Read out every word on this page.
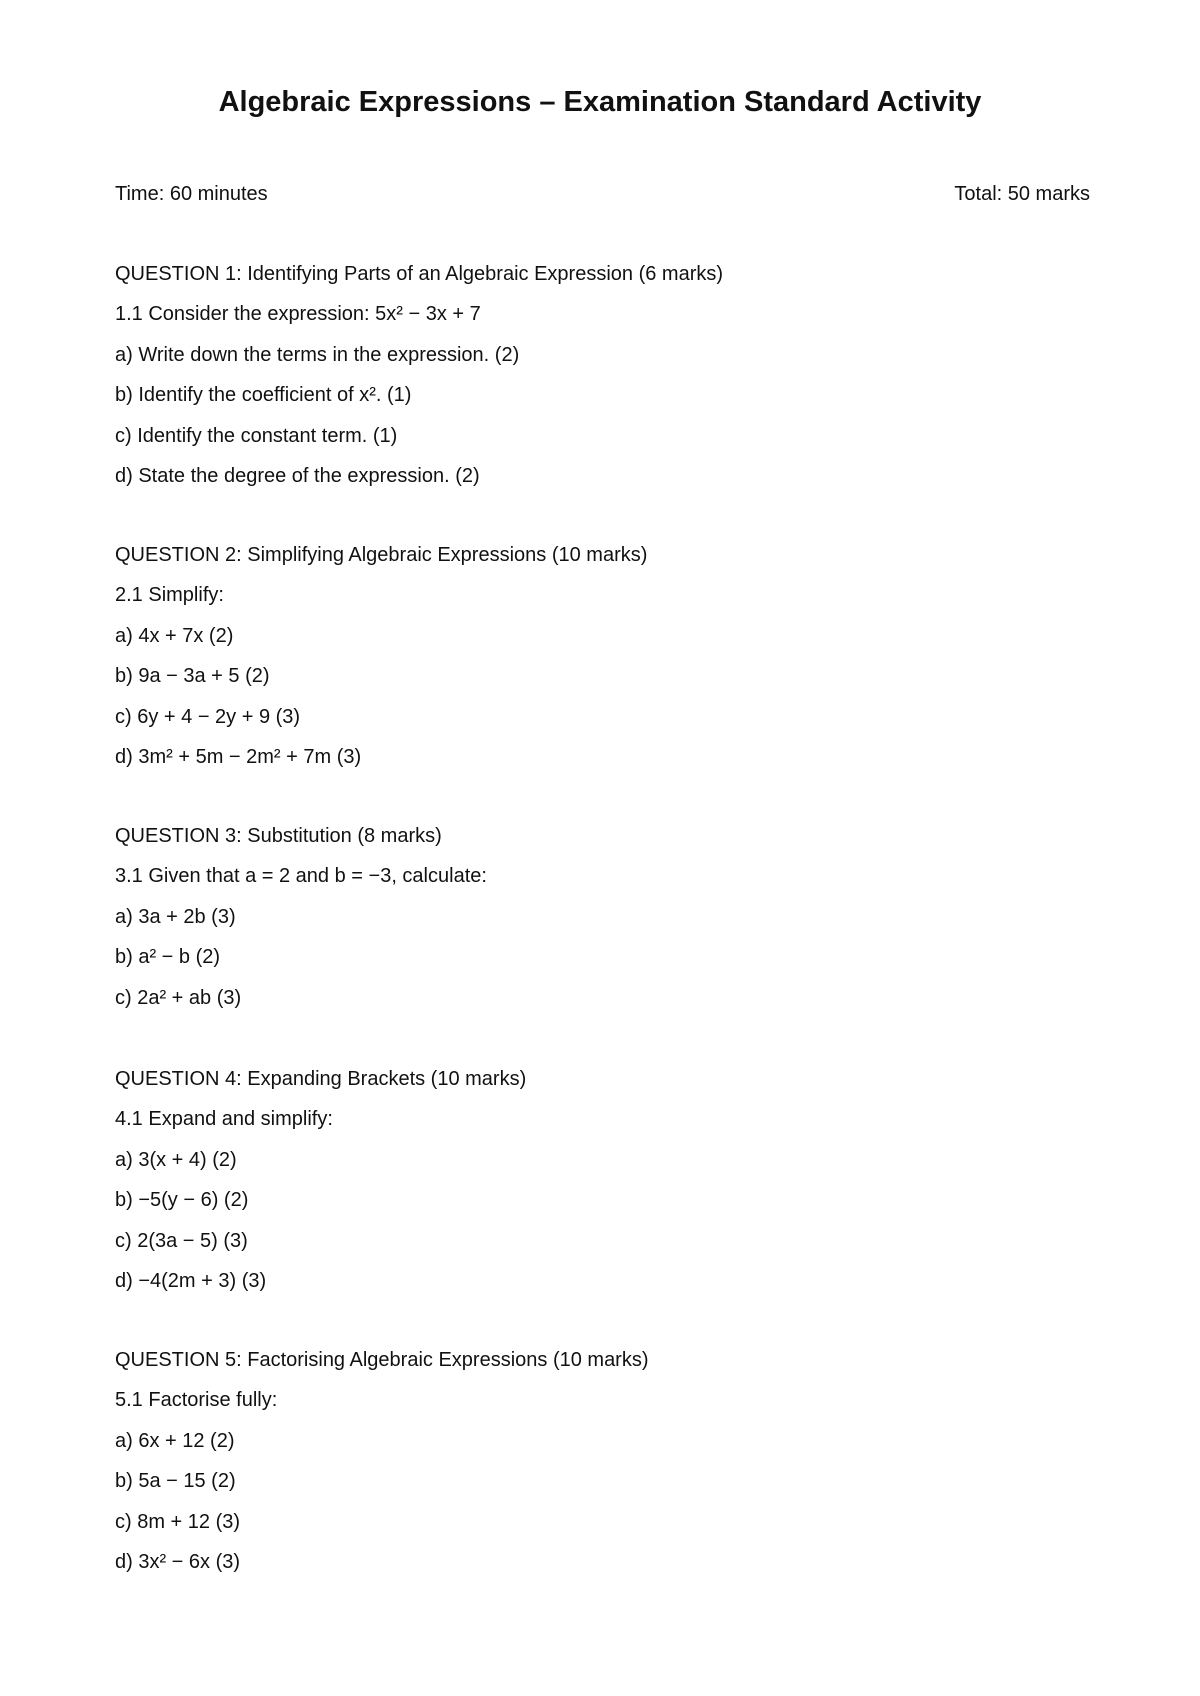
Algebraic Expressions – Examination Standard Activity
Time: 60 minutes	Total: 50 marks
QUESTION 1: Identifying Parts of an Algebraic Expression (6 marks)
1.1 Consider the expression: 5x² − 3x + 7
a) Write down the terms in the expression. (2)
b) Identify the coefficient of x². (1)
c) Identify the constant term. (1)
d) State the degree of the expression. (2)
QUESTION 2: Simplifying Algebraic Expressions (10 marks)
2.1 Simplify:
a) 4x + 7x (2)
b) 9a − 3a + 5 (2)
c) 6y + 4 − 2y + 9 (3)
d) 3m² + 5m − 2m² + 7m (3)
QUESTION 3: Substitution (8 marks)
3.1 Given that a = 2 and b = −3, calculate:
a) 3a + 2b (3)
b) a² − b (2)
c) 2a² + ab (3)
QUESTION 4: Expanding Brackets (10 marks)
4.1 Expand and simplify:
a) 3(x + 4) (2)
b) −5(y − 6) (2)
c) 2(3a − 5) (3)
d) −4(2m + 3) (3)
QUESTION 5: Factorising Algebraic Expressions (10 marks)
5.1 Factorise fully:
a) 6x + 12 (2)
b) 5a − 15 (2)
c) 8m + 12 (3)
d) 3x² − 6x (3)
